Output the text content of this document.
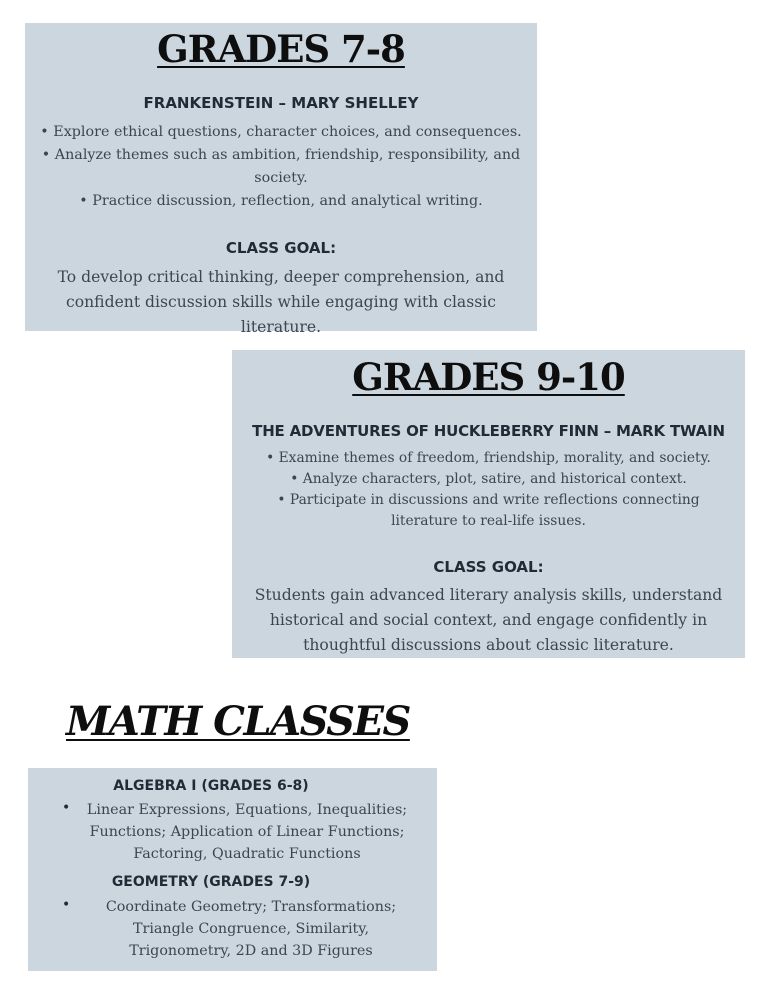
GRADES 7-8
FRANKENSTEIN – MARY SHELLEY
• Explore ethical questions, character choices, and consequences.
• Analyze themes such as ambition, friendship, responsibility, and society.
• Practice discussion, reflection, and analytical writing.
CLASS GOAL:
To develop critical thinking, deeper comprehension, and confident discussion skills while engaging with classic literature.
GRADES 9-10
THE ADVENTURES OF HUCKLEBERRY FINN – MARK TWAIN
• Examine themes of freedom, friendship, morality, and society.
• Analyze characters, plot, satire, and historical context.
• Participate in discussions and write reflections connecting literature to real-life issues.
CLASS GOAL:
Students gain advanced literary analysis skills, understand historical and social context, and engage confidently in thoughtful discussions about classic literature.
MATH CLASSES
ALGEBRA I (GRADES 6-8)
•	Linear Expressions, Equations, Inequalities; Functions; Application of Linear Functions; Factoring, Quadratic Functions
GEOMETRY (GRADES 7-9)
•	Coordinate Geometry; Transformations; Triangle Congruence, Similarity, Trigonometry, 2D and 3D Figures
